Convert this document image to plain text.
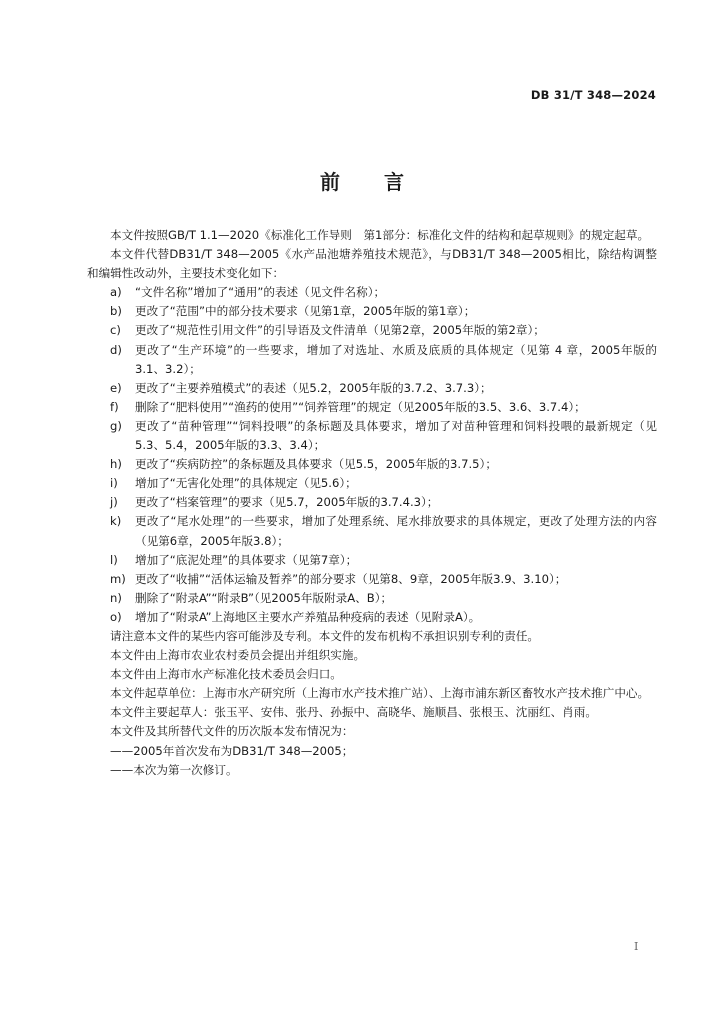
DB 31/T 348—2024
前 言

本文件按照GB/T 1.1—2020《标准化工作导则　第1部分：标准化文件的结构和起草规则》的规定起草。

本文件代替DB31/T 348—2005《水产品池塘养殖技术规范》，与DB31/T 348—2005相比，除结构调整和编辑性改动外，主要技术变化如下：

a)	“文件名称”增加了“通用”的表述（见文件名称）；
b)	更改了“范围”中的部分技术要求（见第1章，2005年版的第1章）；
c)	更改了“规范性引用文件”的引导语及文件清单（见第2章，2005年版的第2章）；
d)	更改了“生产环境”的一些要求，增加了对选址、水质及底质的具体规定（见第 4 章，2005年版的3.1、3.2）；
e)	更改了“主要养殖模式”的表述（见5.2，2005年版的3.7.2、3.7.3）；
f)	删除了“肥料使用”“渔药的使用”“饲养管理”的规定（见2005年版的3.5、3.6、3.7.4）；
g)	更改了“苗种管理”“饲料投喂”的条标题及具体要求，增加了对苗种管理和饲料投喂的最新规定（见5.3、5.4，2005年版的3.3、3.4）；
h)	更改了“疾病防控”的条标题及具体要求（见5.5，2005年版的3.7.5）；
i)	增加了“无害化处理”的具体规定（见5.6）；
j)	更改了“档案管理”的要求（见5.7，2005年版的3.7.4.3）；
k)	更改了“尾水处理”的一些要求，增加了处理系统、尾水排放要求的具体规定，更改了处理方法的内容（见第6章，2005年版3.8）；
l)	增加了“底泥处理”的具体要求（见第7章）；
m) 更改了“收捕”“活体运输及暂养”的部分要求（见第8、9章，2005年版3.9、3.10）；
n)	删除了“附录A”“附录B”（见2005年版附录A、B）；
o)	增加了“附录A”上海地区主要水产养殖品种疫病的表述（见附录A）。

请注意本文件的某些内容可能涉及专利。本文件的发布机构不承担识别专利的责任。

本文件由上海市农业农村委员会提出并组织实施。

本文件由上海市水产标准化技术委员会归口。

本文件起草单位：上海市水产研究所（上海市水产技术推广站）、上海市浦东新区畜牧水产技术推广中心。

本文件主要起草人：张玉平、安伟、张丹、孙振中、高晓华、施顺昌、张根玉、沈丽红、肖雨。

本文件及其所替代文件的历次版本发布情况为：

——2005年首次发布为DB31/T 348—2005；

——本次为第一次修订。

I
